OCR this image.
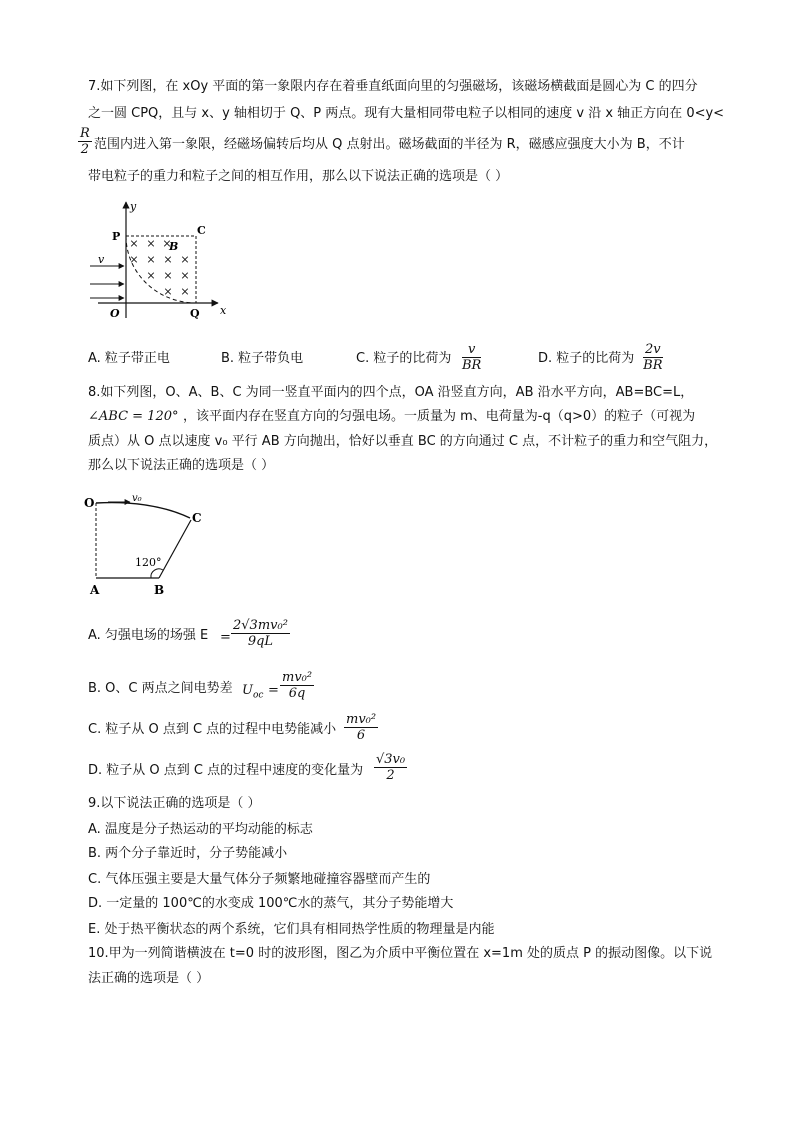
7.如下列图，在 xOy 平面的第一象限内存在着垂直纸面向里的匀强磁场，该磁场横截面是圆心为 C 的四分
之一圆 CPQ，且与 x、y 轴相切于 Q、P 两点。现有大量相同带电粒子以相同的速度 v 沿 x 轴正方向在 0<y<
$\frac{R}{2}$ 范围内进入第一象限，经磁场偏转后均从 Q 点射出。磁场截面的半径为 R，磁感应强度大小为 B，不计
带电粒子的重力和粒子之间的相互作用，那么以下说法正确的选项是（ ）
× × ×
× × × ×
× × ×
× ×
y
x
P	C
B
v
O	Q
A. 粒子带正电	B. 粒子带负电	C. 粒子的比荷为 $\frac{v}{BR}$	D. 粒子的比荷为 $\frac{2v}{BR}$
8.如下列图，O、A、B、C 为同一竖直平面内的四个点，OA 沿竖直方向，AB 沿水平方向，AB=BC=L，
∠ABC = 120° ，该平面内存在竖直方向的匀强电场。一质量为 m、电荷量为-q（q>0）的粒子（可视为
质点）从 O 点以速度 v₀ 平行 AB 方向抛出，恰好以垂直 BC 的方向通过 C 点，不计粒子的重力和空气阻力，
那么以下说法正确的选项是（ ）
O	v₀
C
120°
A	B
A. 匀强电场的场强 $E = \frac{\text{2√3mv₀²}}{9qL}$
B. O、C 两点之间电势差 $U_{oc} = \frac{\text{mv₀²}}{6q}$
C. 粒子从 O 点到 C 点的过程中电势能减小 $\frac{\text{mv₀²}}{6}$
D. 粒子从 O 点到 C 点的过程中速度的变化量为 $\frac{\text{√3v₀}}{2}$
9.以下说法正确的选项是（ ）
A. 温度是分子热运动的平均动能的标志
B. 两个分子靠近时，分子势能减小
C. 气体压强主要是大量气体分子频繁地碰撞容器壁而产生的
D. 一定量的 100℃的水变成 100℃水的蒸气，其分子势能增大
E. 处于热平衡状态的两个系统，它们具有相同热学性质的物理量是内能
10.甲为一列简谐横波在 t=0 时的波形图，图乙为介质中平衡位置在 x=1m 处的质点 P 的振动图像。以下说
法正确的选项是（ ）
